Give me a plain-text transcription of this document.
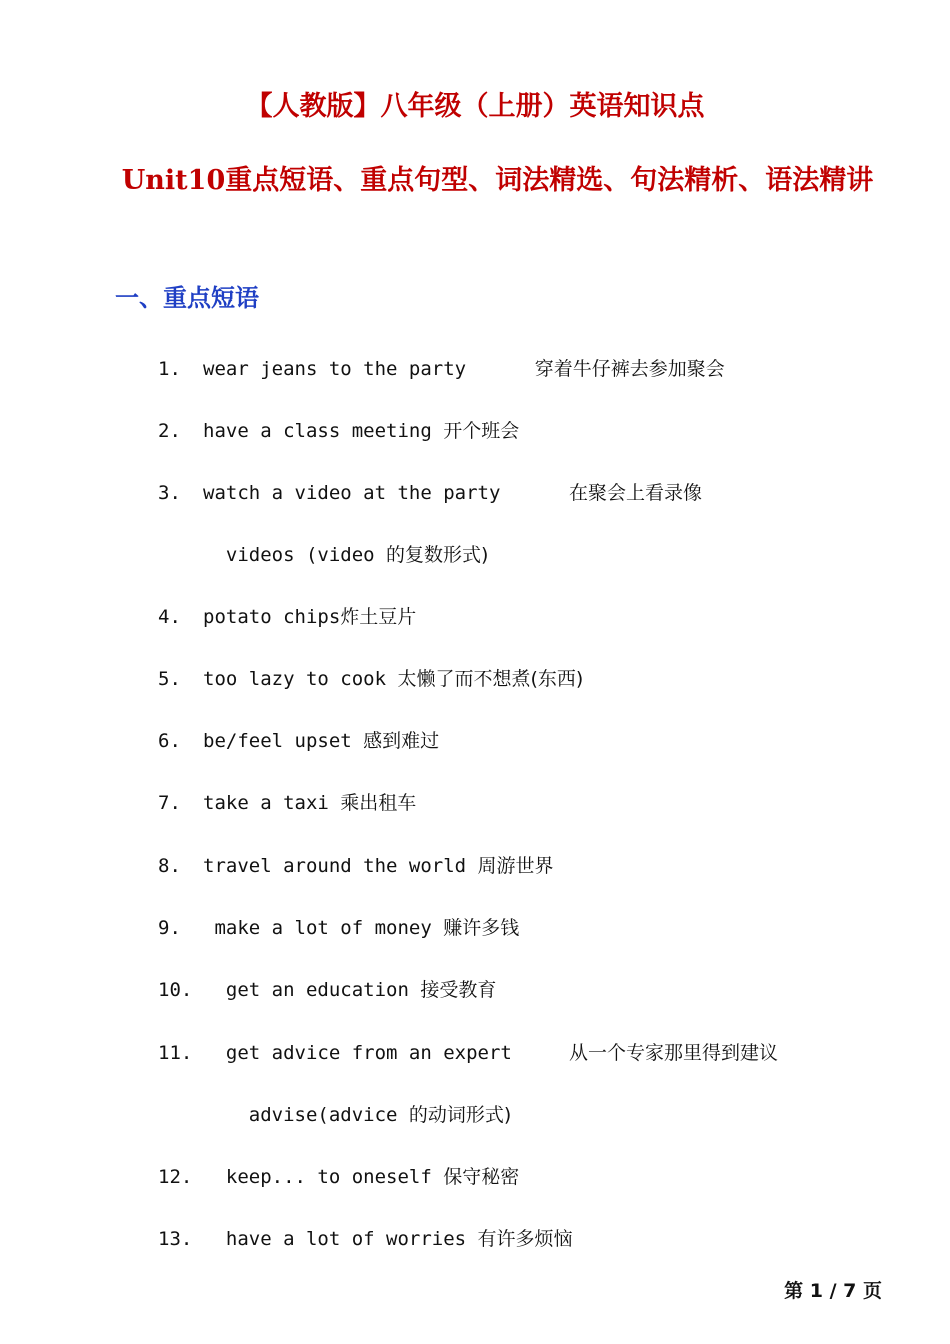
【人教版】八年级（上册）英语知识点
Unit10重点短语、重点句型、词法精选、句法精析、语法精讲
一、重点短语
1. wear jeans to the party      穿着牛仔裤去参加聚会
2. have a class meeting 开个班会
3. watch a video at the party      在聚会上看录像
videos (video 的复数形式)
4. potato chips炸土豆片
5. too lazy to cook 太懒了而不想煮(东西)
6. be/feel upset 感到难过
7. take a taxi 乘出租车
8. travel around the world 周游世界
9. make a lot of money 赚许多钱
10.  get an education 接受教育
11.  get advice from an expert     从一个专家那里得到建议
advise(advice 的动词形式)
12.  keep... to oneself 保守秘密
13.  have a lot of worries 有许多烦恼
第 1 / 7 页
